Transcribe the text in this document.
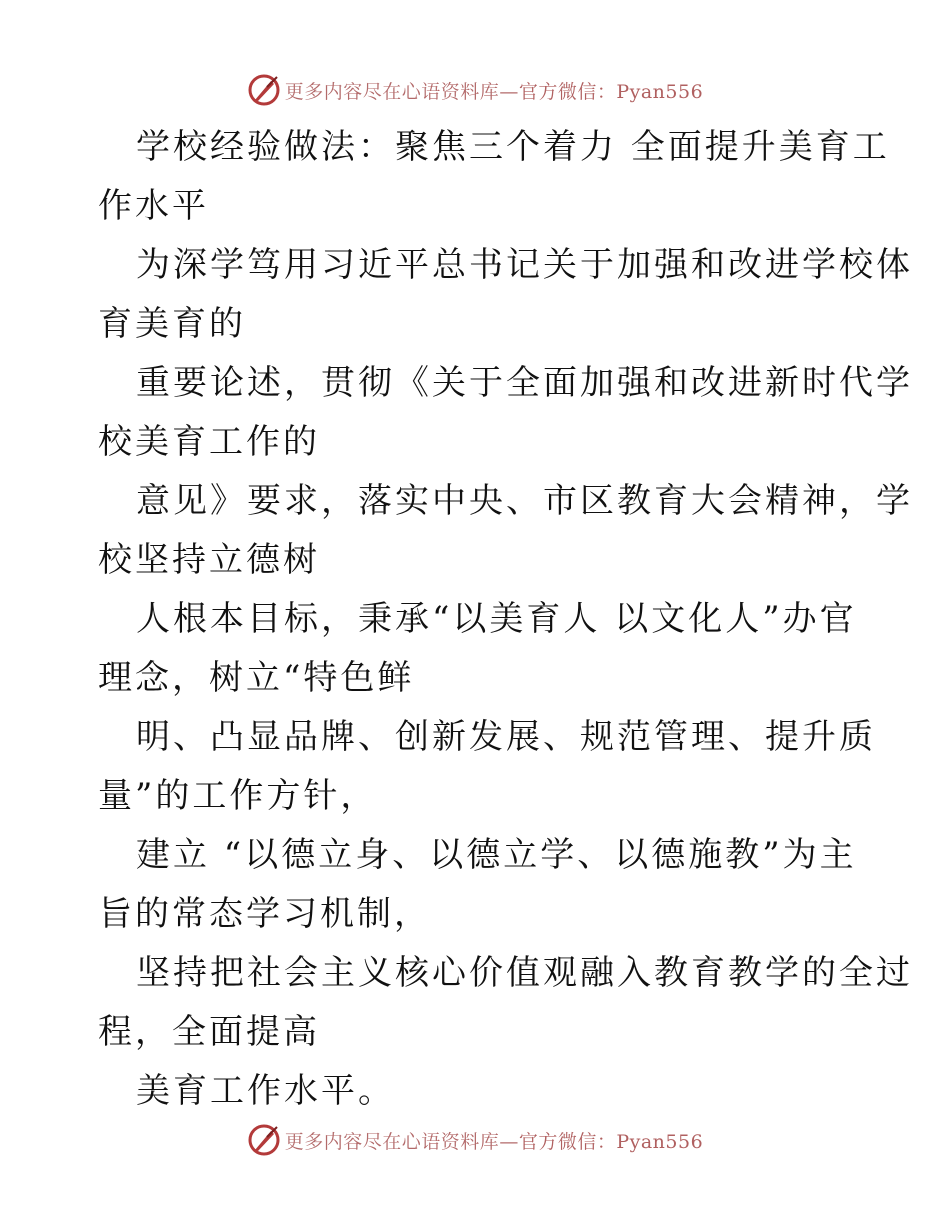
更多内容尽在心语资料库—官方微信：Pyan556
学校经验做法：聚焦三个着力 全面提升美育工
作水平
为深学笃用习近平总书记关于加强和改进学校体
育美育的
重要论述，贯彻《关于全面加强和改进新时代学
校美育工作的
意见》要求，落实中央、市区教育大会精神，学
校坚持立德树
人根本目标，秉承“以美育人 以文化人”办官
理念，树立“特色鲜
明、凸显品牌、创新发展、规范管理、提升质
量”的工作方针，
建立 “以德立身、以德立学、以德施教”为主
旨的常态学习机制，
坚持把社会主义核心价值观融入教育教学的全过
程，全面提高
美育工作水平。
更多内容尽在心语资料库—官方微信：Pyan556
